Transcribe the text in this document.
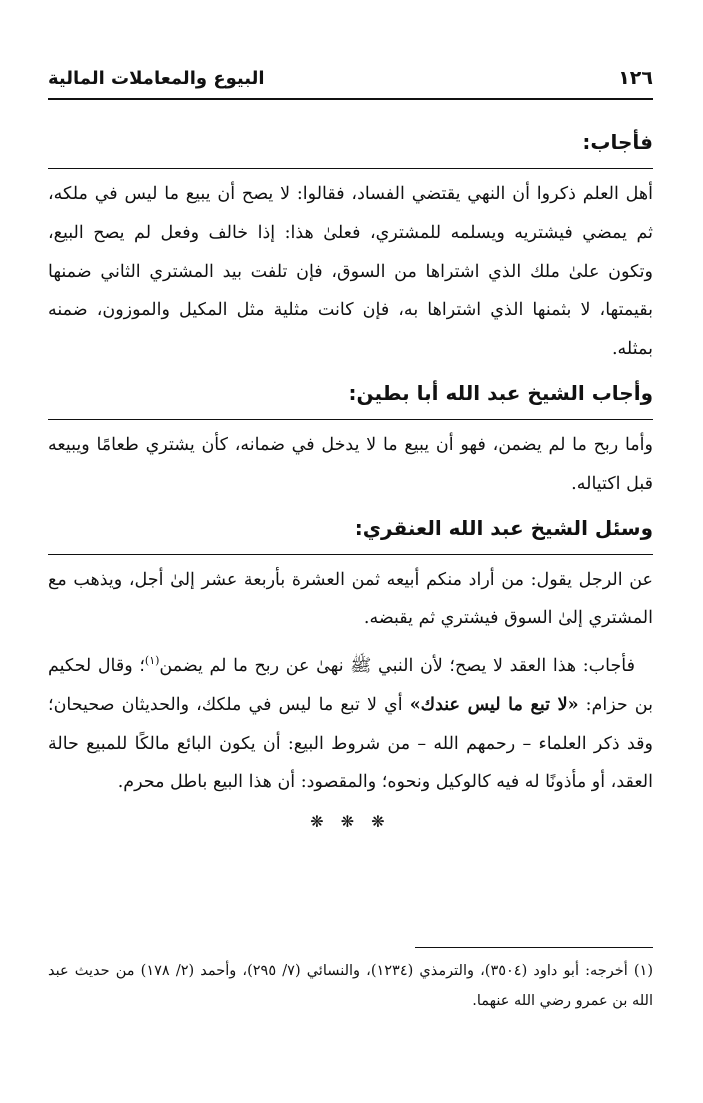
١٢٦
البيوع والمعاملات المالية
فأجاب:

أهل العلم ذكروا أن النهي يقتضي الفساد، فقالوا: لا يصح أن يبيع ما ليس في ملكه، ثم يمضي فيشتريه ويسلمه للمشتري، فعلىٰ هذا: إذا خالف وفعل لم يصح البيع، وتكون علىٰ ملك الذي اشتراها من السوق، فإن تلفت بيد المشتري الثاني ضمنها بقيمتها، لا بثمنها الذي اشتراها به، فإن كانت مثلية مثل المكيل والموزون، ضمنه بمثله.

وأجاب الشيخ عبد الله أبا بطين:

وأما ربح ما لم يضمن، فهو أن يبيع ما لا يدخل في ضمانه، كأن يشتري طعامًا ويبيعه قبل اكتياله.

وسئل الشيخ عبد الله العنقري:

عن الرجل يقول: من أراد منكم أبيعه ثمن العشرة بأربعة عشر إلىٰ أجل، ويذهب مع المشتري إلىٰ السوق فيشتري ثم يقبضه.

فأجاب: هذا العقد لا يصح؛ لأن النبي ﷺ نهىٰ عن ربح ما لم يضمن$^{(١)}$؛ وقال لحكيم بن حزام: «لا تبع ما ليس عندك» أي لا تبع ما ليس في ملكك، والحديثان صحيحان؛ وقد ذكر العلماء – رحمهم الله – من شروط البيع: أن يكون البائع مالكًا للمبيع حالة العقد، أو مأذونًا له فيه كالوكيل ونحوه؛ والمقصود: أن هذا البيع باطل محرم.

❋ ❋ ❋

(١) أخرجه: أبو داود (٣٥٠٤)، والترمذي (١٢٣٤)، والنسائي (٧/ ٢٩٥)، وأحمد (٢/ ١٧٨) من حديث عبد الله بن عمرو رضي الله عنهما.
